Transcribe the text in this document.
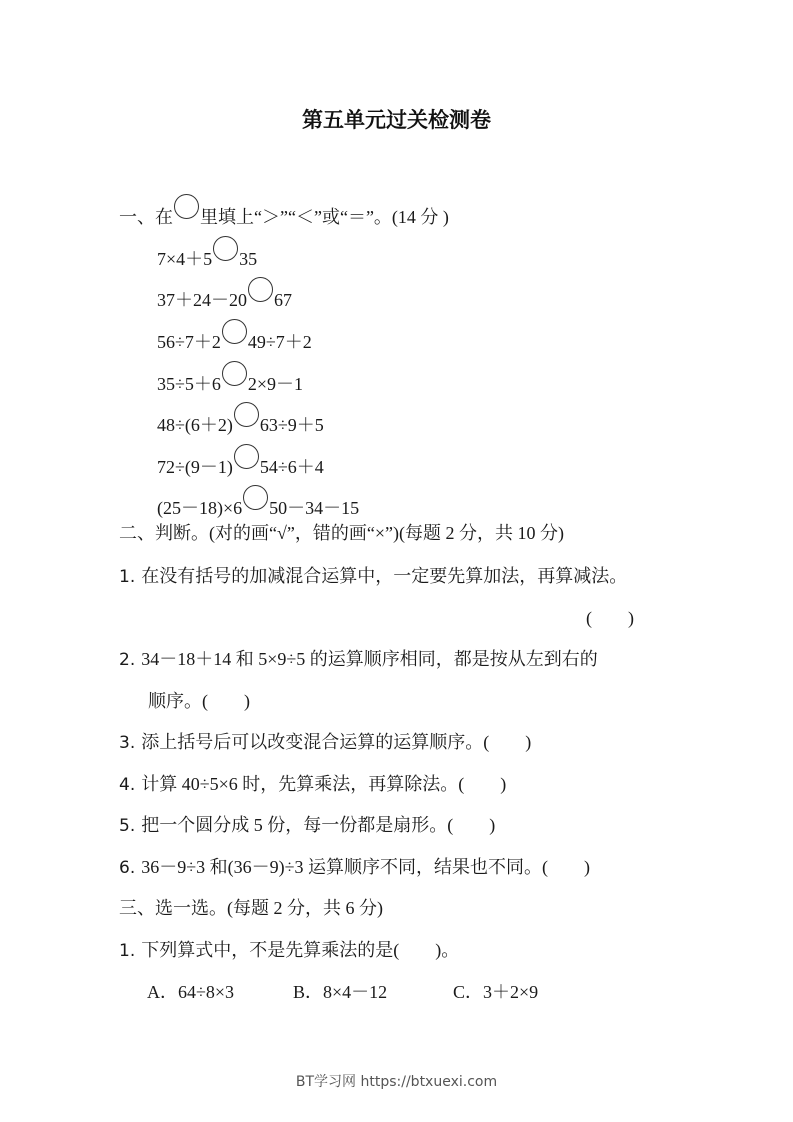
第五单元过关检测卷
一、在 里填上“＞”“＜”或“＝”。(14 分 )
7×4＋5 35
37＋24－20 67
56÷7＋2 49÷7＋2
35÷5＋6 2×9－1
48÷(6＋2) 63÷9＋5
72÷(9－1) 54÷6＋4
(25－18)×6 50－34－15
二、判断。(对的画“√”，错的画“×”)(每题 2 分，共 10 分)
1. 在没有括号的加减混合运算中，一定要先算加法，再算减法。
(　　)
2. 34－18＋14 和 5×9÷5 的运算顺序相同，都是按从左到右的
顺序。(　　)
3. 添上括号后可以改变混合运算的运算顺序。(　　)
4. 计算 40÷5×6 时，先算乘法，再算除法。(　　)
5. 把一个圆分成 5 份，每一份都是扇形。(　　)
6. 36－9÷3 和(36－9)÷3 运算顺序不同，结果也不同。(　　)
三、选一选。(每题 2 分，共 6 分)
1. 下列算式中，不是先算乘法的是(　　)。
A．64÷8×3	B．8×4－12	C．3＋2×9
BT学习网 https://btxuexi.com
